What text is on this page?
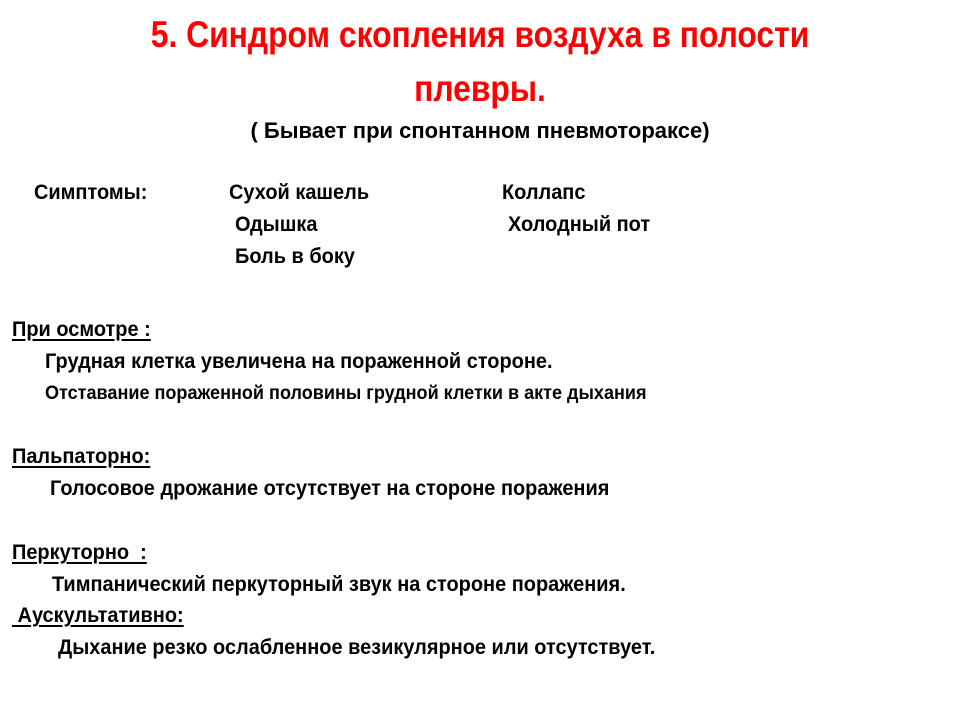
5. Синдром скопления воздуха в полости
плевры.
( Бывает при спонтанном пневмотораксе)
Симптомы:	Сухой кашель
Одышка
Боль в боку
Коллапс
Холодный пот
При осмотре :
Грудная клетка увеличена на пораженной стороне.
Отставание пораженной половины грудной клетки в акте дыхания
Пальпаторно:
Голосовое дрожание отсутствует на стороне поражения
Перкуторно  :
Тимпанический перкуторный звук на стороне поражения.
Аускультативно:
Дыхание резко ослабленное везикулярное или отсутствует.
